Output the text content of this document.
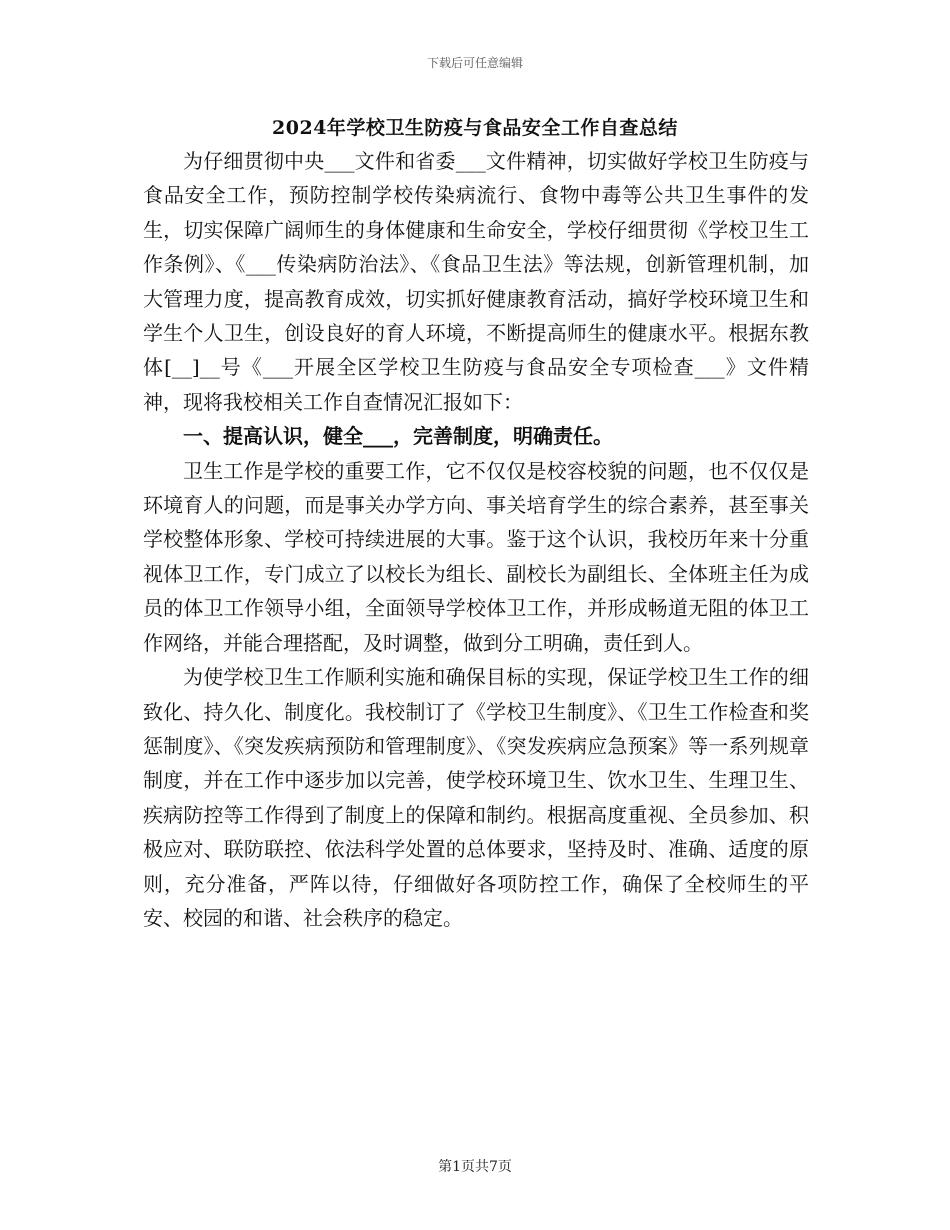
下载后可任意编辑
2024年学校卫生防疫与食品安全工作自查总结

为仔细贯彻中央___文件和省委___文件精神，切实做好学校卫生防疫与食品安全工作，预防控制学校传染病流行、食物中毒等公共卫生事件的发生，切实保障广阔师生的身体健康和生命安全，学校仔细贯彻《学校卫生工作条例》、《___传染病防治法》、《食品卫生法》等法规，创新管理机制，加大管理力度，提高教育成效，切实抓好健康教育活动，搞好学校环境卫生和学生个人卫生，创设良好的育人环境，不断提高师生的健康水平。根据东教体[__]__号《___开展全区学校卫生防疫与食品安全专项检查___》文件精神，现将我校相关工作自查情况汇报如下：

一、提高认识，健全___，完善制度，明确责任。

卫生工作是学校的重要工作，它不仅仅是校容校貌的问题，也不仅仅是环境育人的问题，而是事关办学方向、事关培育学生的综合素养，甚至事关学校整体形象、学校可持续进展的大事。鉴于这个认识，我校历年来十分重视体卫工作，专门成立了以校长为组长、副校长为副组长、全体班主任为成员的体卫工作领导小组，全面领导学校体卫工作，并形成畅道无阻的体卫工作网络，并能合理搭配，及时调整，做到分工明确，责任到人。

为使学校卫生工作顺利实施和确保目标的实现，保证学校卫生工作的细致化、持久化、制度化。我校制订了《学校卫生制度》、《卫生工作检查和奖惩制度》、《突发疾病预防和管理制度》、《突发疾病应急预案》等一系列规章制度，并在工作中逐步加以完善，使学校环境卫生、饮水卫生、生理卫生、疾病防控等工作得到了制度上的保障和制约。根据高度重视、全员参加、积极应对、联防联控、依法科学处置的总体要求，坚持及时、准确、适度的原则，充分准备，严阵以待，仔细做好各项防控工作，确保了全校师生的平安、校园的和谐、社会秩序的稳定。

第1页共7页
